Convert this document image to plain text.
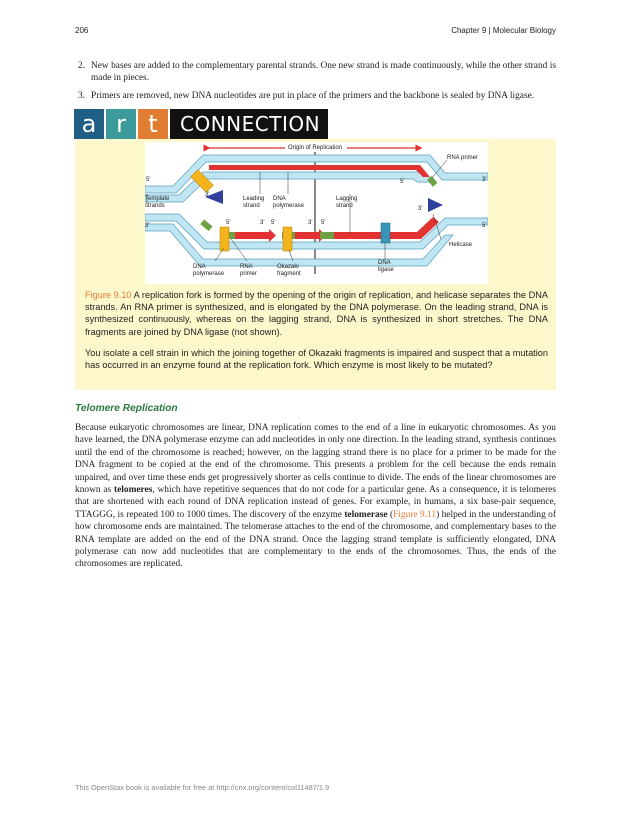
206	Chapter 9 | Molecular Biology
2. New bases are added to the complementary parental strands. One new strand is made continuously, while the other strand is made in pieces.
3. Primers are removed, new DNA nucleotides are put in place of the primers and the backbone is sealed by DNA ligase.
a r t	CONNECTION
Origin of Replication
RNA primer
5'
3'
5'	3'
3'
5'
3'	5'	3' 5'	3' 5'
Template strands
Leading strand
DNA polymerase
Lagging strand
Helicase
DNA polymerase
RNA primer
Okazaki fragment
DNA ligase
Figure 9.10 A replication fork is formed by the opening of the origin of replication, and helicase separates the DNA strands. An RNA primer is synthesized, and is elongated by the DNA polymerase. On the leading strand, DNA is synthesized continuously, whereas on the lagging strand, DNA is synthesized in short stretches. The DNA fragments are joined by DNA ligase (not shown).
You isolate a cell strain in which the joining together of Okazaki fragments is impaired and suspect that a mutation has occurred in an enzyme found at the replication fork. Which enzyme is most likely to be mutated?
Telomere Replication
Because eukaryotic chromosomes are linear, DNA replication comes to the end of a line in eukaryotic chromosomes. As you have learned, the DNA polymerase enzyme can add nucleotides in only one direction. In the leading strand, synthesis continues until the end of the chromosome is reached; however, on the lagging strand there is no place for a primer to be made for the DNA fragment to be copied at the end of the chromosome. This presents a problem for the cell because the ends remain unpaired, and over time these ends get progressively shorter as cells continue to divide. The ends of the linear chromosomes are known as telomeres, which have repetitive sequences that do not code for a particular gene. As a consequence, it is telomeres that are shortened with each round of DNA replication instead of genes. For example, in humans, a six base-pair sequence, TTAGGG, is repeated 100 to 1000 times. The discovery of the enzyme telomerase (Figure 9.11) helped in the understanding of how chromosome ends are maintained. The telomerase attaches to the end of the chromosome, and complementary bases to the RNA template are added on the end of the DNA strand. Once the lagging strand template is sufficiently elongated, DNA polymerase can now add nucleotides that are complementary to the ends of the chromosomes. Thus, the ends of the chromosomes are replicated.
This OpenStax book is available for free at http://cnx.org/content/col11487/1.9
